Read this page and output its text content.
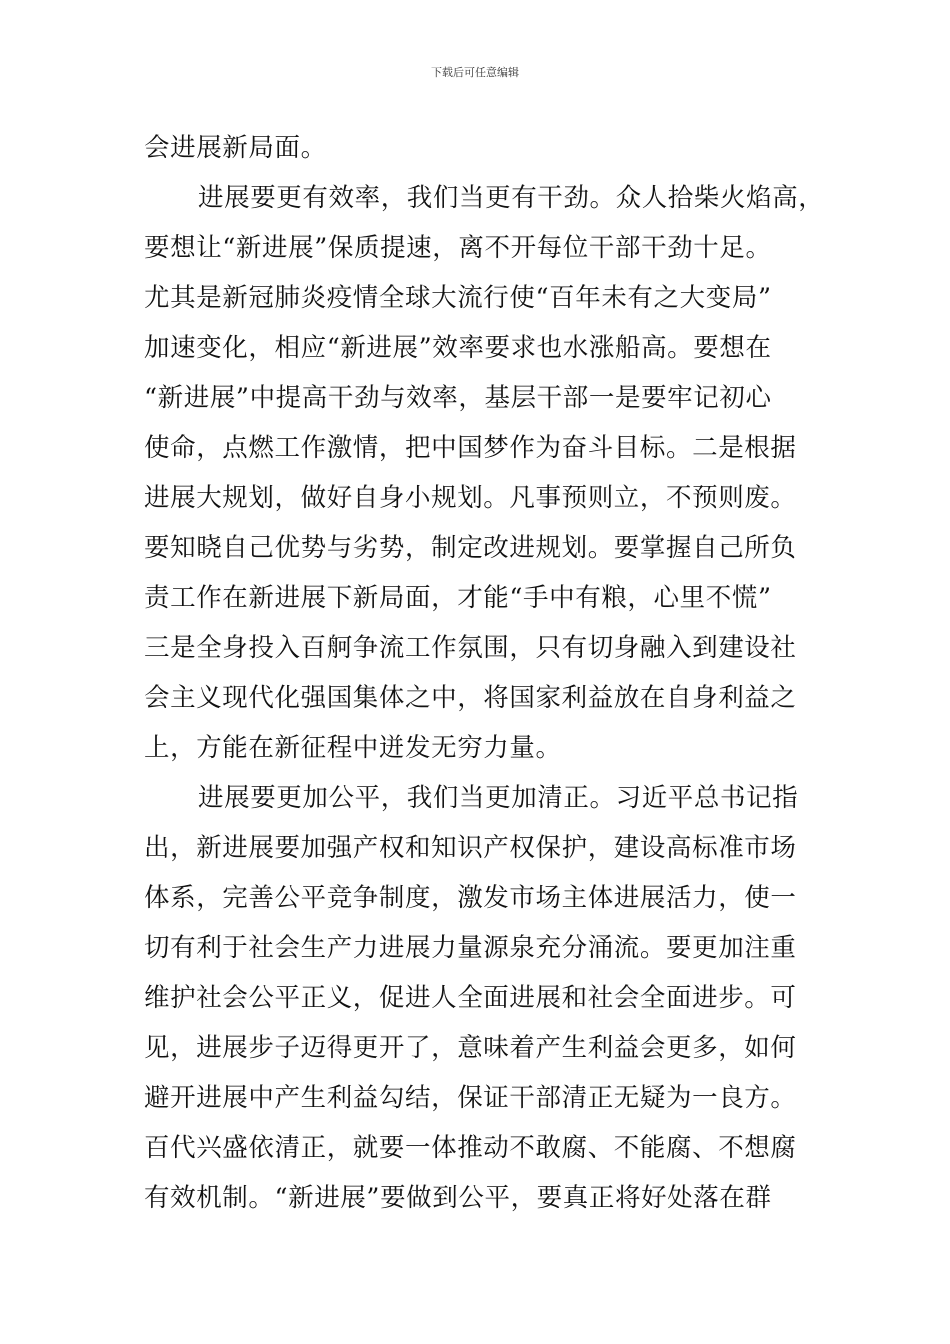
下载后可任意编辑
会进展新局面。
进展要更有效率，我们当更有干劲。众人拾柴火焰高，
要想让“新进展”保质提速，离不开每位干部干劲十足。
尤其是新冠肺炎疫情全球大流行使“百年未有之大变局”
加速变化，相应“新进展”效率要求也水涨船高。要想在
“新进展”中提高干劲与效率，基层干部一是要牢记初心
使命，点燃工作激情，把中国梦作为奋斗目标。二是根据
进展大规划，做好自身小规划。凡事预则立，不预则废。
要知晓自己优势与劣势，制定改进规划。要掌握自己所负
责工作在新进展下新局面，才能“手中有粮，心里不慌”
三是全身投入百舸争流工作氛围，只有切身融入到建设社
会主义现代化强国集体之中，将国家利益放在自身利益之
上，方能在新征程中迸发无穷力量。
进展要更加公平，我们当更加清正。习近平总书记指
出，新进展要加强产权和知识产权保护，建设高标准市场
体系，完善公平竞争制度，激发市场主体进展活力，使一
切有利于社会生产力进展力量源泉充分涌流。要更加注重
维护社会公平正义，促进人全面进展和社会全面进步。可
见，进展步子迈得更开了，意味着产生利益会更多，如何
避开进展中产生利益勾结，保证干部清正无疑为一良方。
百代兴盛依清正，就要一体推动不敢腐、不能腐、不想腐
有效机制。“新进展”要做到公平，要真正将好处落在群
